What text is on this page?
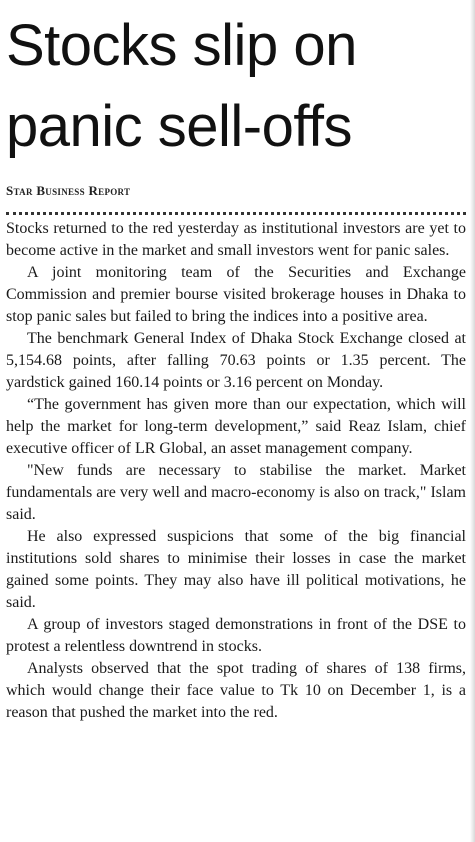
Stocks slip on
panic sell-offs
Star Business Report

Stocks returned to the red yesterday as institutional investors are yet to become active in the market and small investors went for panic sales.

A joint monitoring team of the Securities and Exchange Commission and premier bourse visited brokerage houses in Dhaka to stop panic sales but failed to bring the indices into a positive area.

The benchmark General Index of Dhaka Stock Exchange closed at 5,154.68 points, after falling 70.63 points or 1.35 percent. The yardstick gained 160.14 points or 3.16 percent on Monday.

“The government has given more than our expectation, which will help the market for long-term development,” said Reaz Islam, chief executive officer of LR Global, an asset management company.

"New funds are necessary to stabilise the market. Market fundamentals are very well and macro-economy is also on track," Islam said.

He also expressed suspicions that some of the big financial institutions sold shares to minimise their losses in case the market gained some points. They may also have ill political motivations, he said.

A group of investors staged demonstrations in front of the DSE to protest a relentless downtrend in stocks.

Analysts observed that the spot trading of shares of 138 firms, which would change their face value to Tk 10 on December 1, is a reason that pushed the market into the red.
